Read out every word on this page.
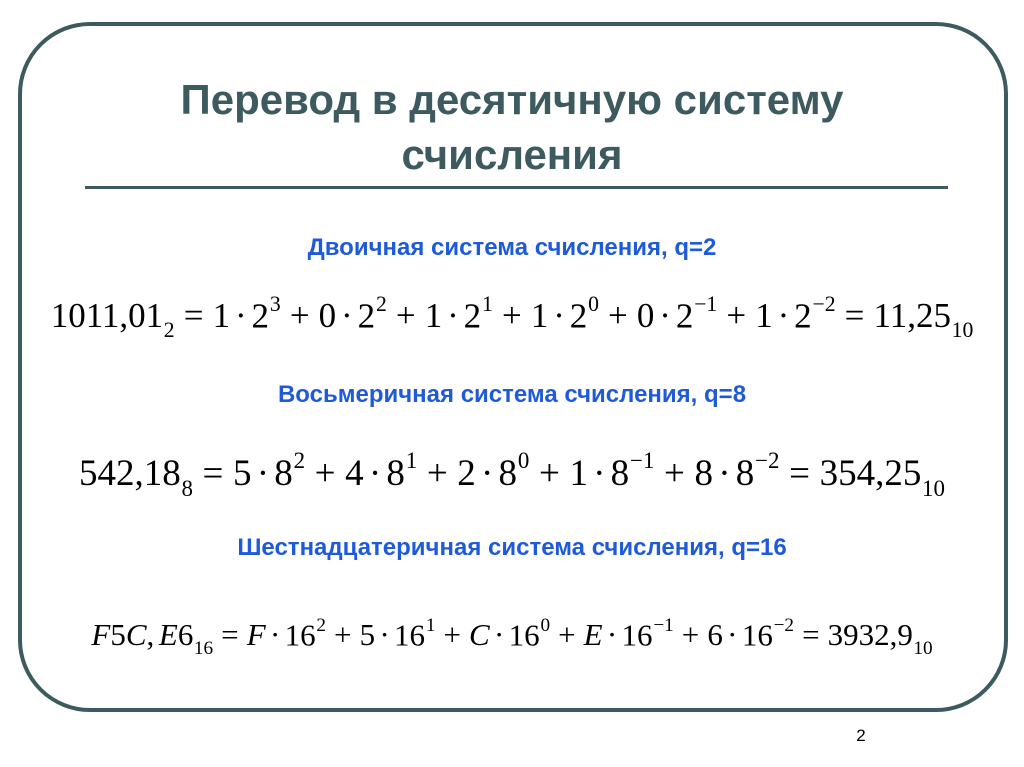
Перевод в десятичную систему
счисления
Двоичная система счисления, q=2
$1011,01_2 = 1 \cdot 2^3 + 0 \cdot 2^2 + 1 \cdot 2^1 + 1 \cdot 2^0 + 0 \cdot 2^{-1} + 1 \cdot 2^{-2} = 11,25_{10}$
Восьмеричная система счисления, q=8
$542,18_8 = 5 \cdot 8^2 + 4 \cdot 8^1 + 2 \cdot 8^0 + 1 \cdot 8^{-1} + 8 \cdot 8^{-2} = 354,25_{10}$
Шестнадцатеричная система счисления, q=16
F5C, $E6_{16} = F \cdot 16^2 + 5 \cdot 16^1 + C \cdot 16^0 + E \cdot 16^{-1} + 6 \cdot 16^{-2} = 3932,9_{10}$
2
